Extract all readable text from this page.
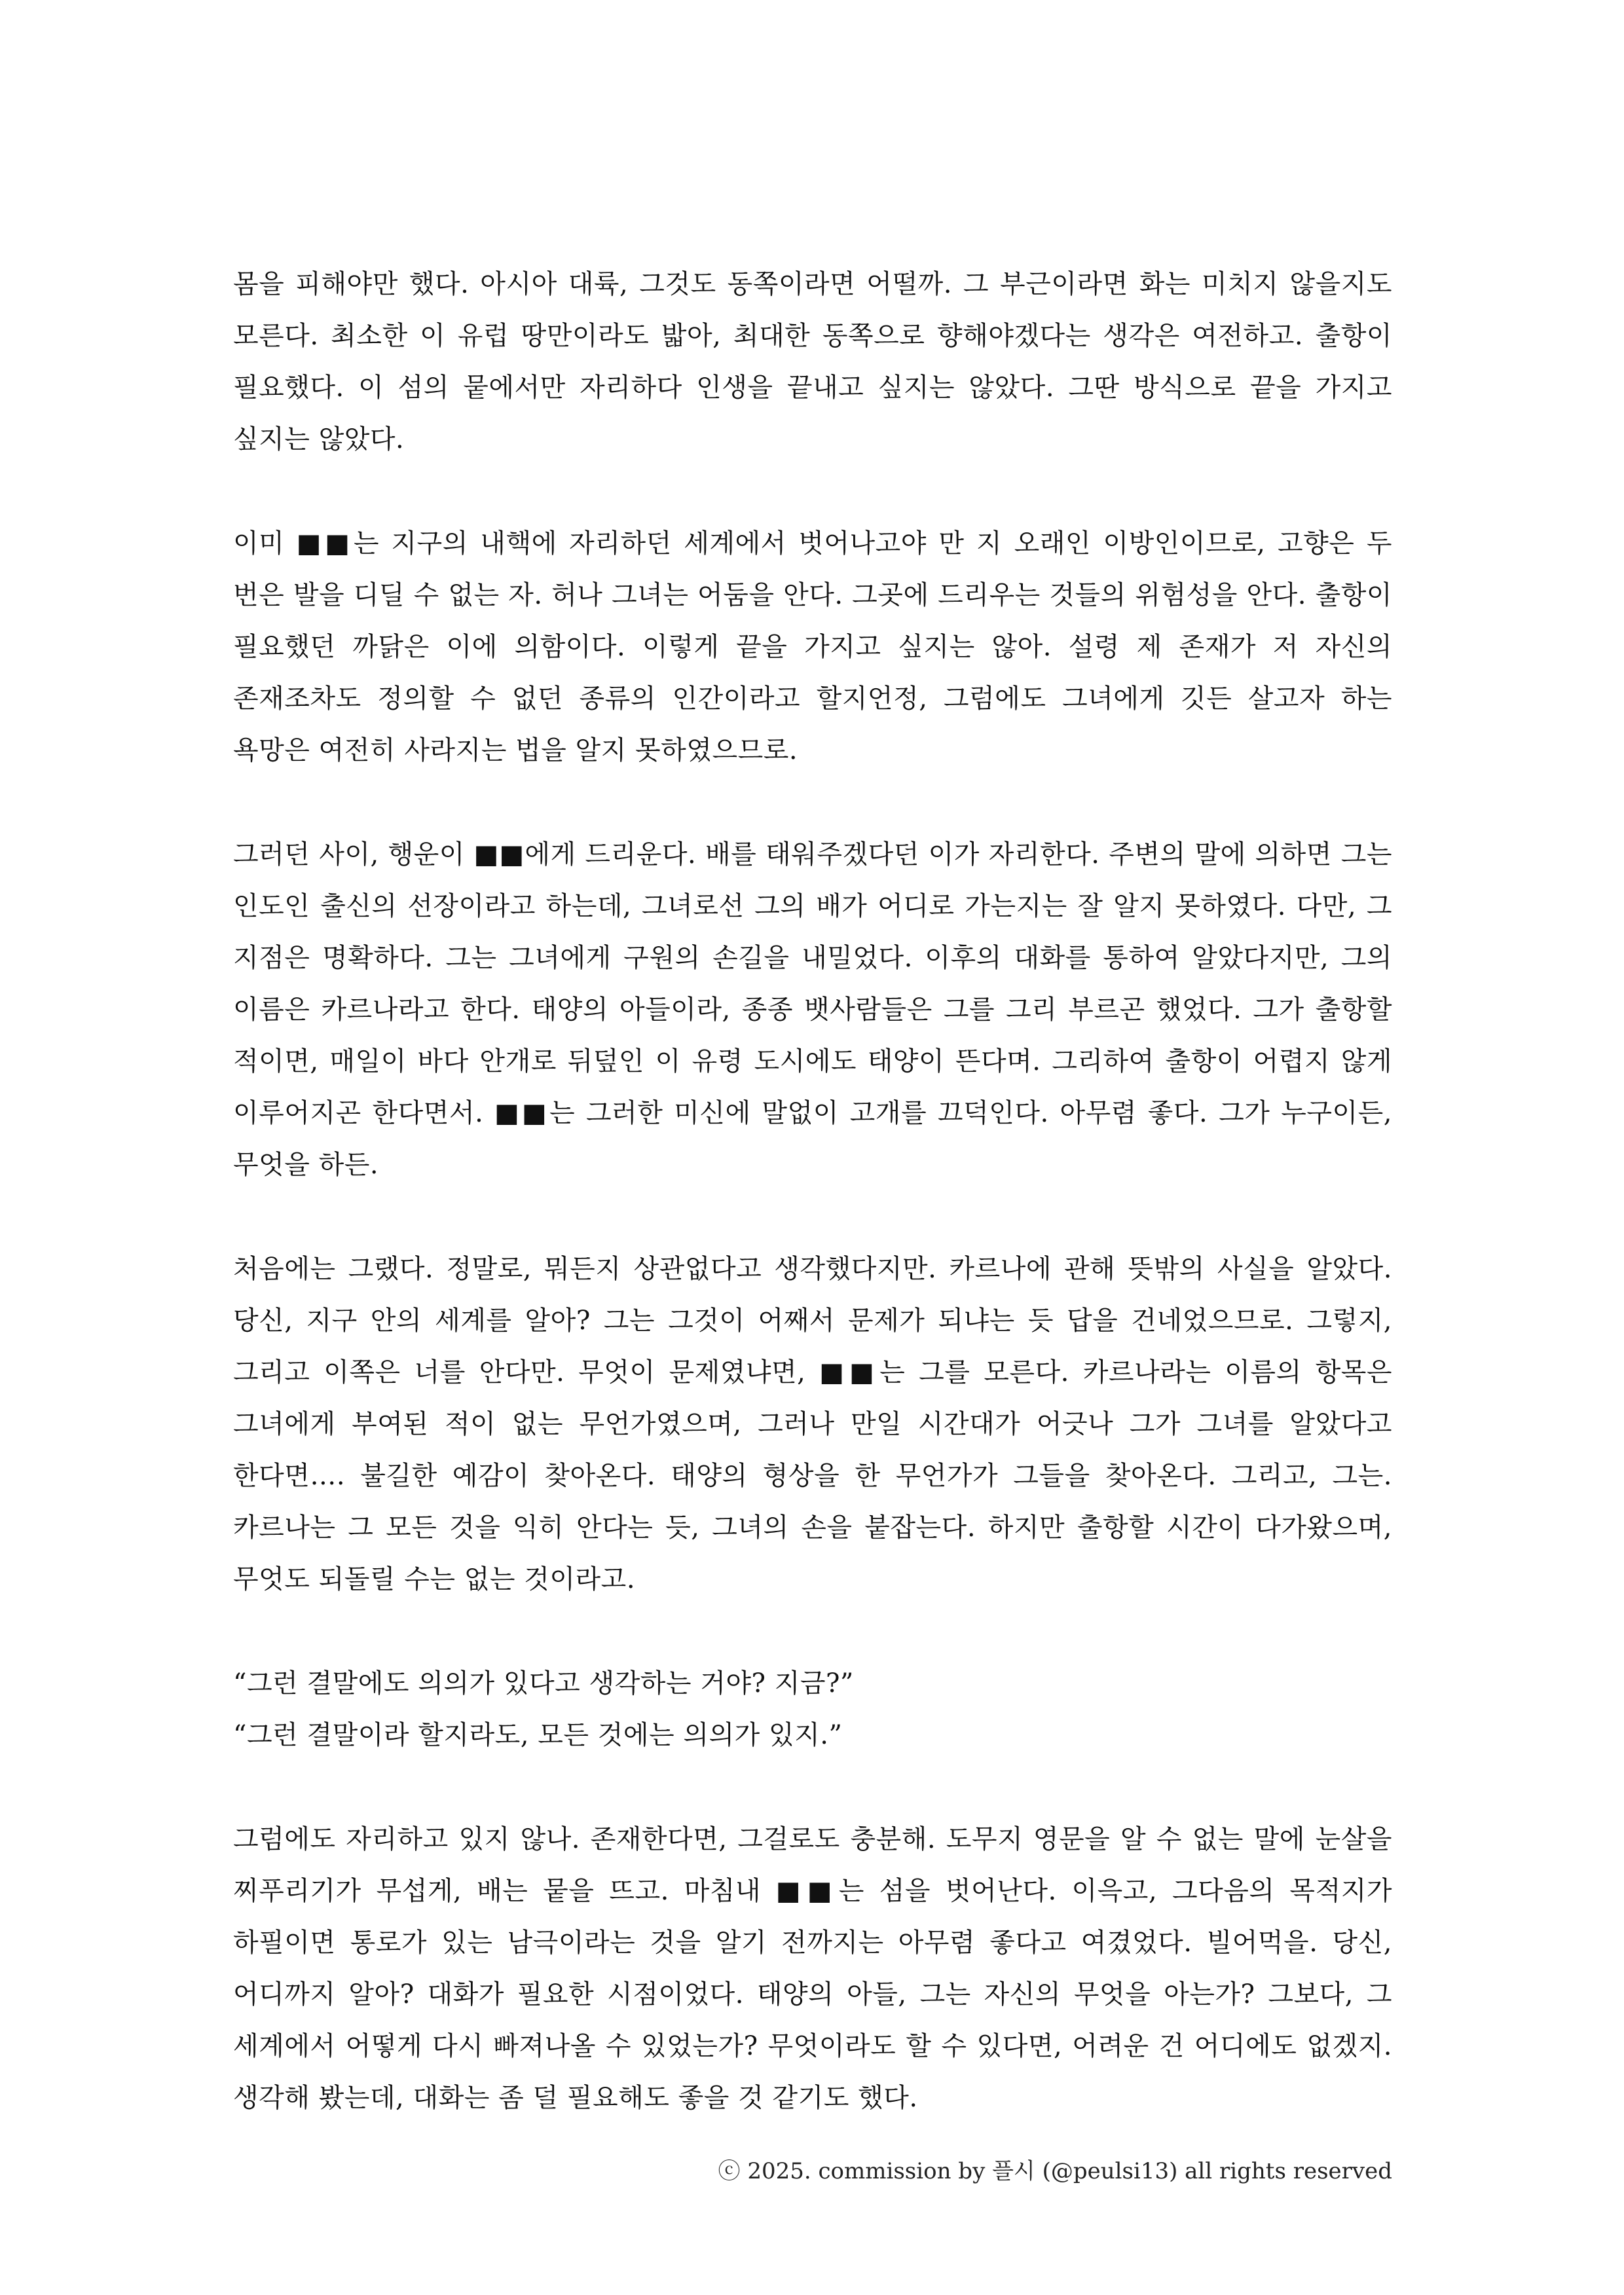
몸을 피해야만 했다. 아시아 대륙, 그것도 동쪽이라면 어떨까. 그 부근이라면 화는 미치지 않을지도 모른다. 최소한 이 유럽 땅만이라도 밟아, 최대한 동쪽으로 향해야겠다는 생각은 여전하고. 출항이 필요했다. 이 섬의 뭍에서만 자리하다 인생을 끝내고 싶지는 않았다. 그딴 방식으로 끝을 가지고 싶지는 않았다.

이미 ■■는 지구의 내핵에 자리하던 세계에서 벗어나고야 만 지 오래인 이방인이므로, 고향은 두 번은 발을 디딜 수 없는 자. 허나 그녀는 어둠을 안다. 그곳에 드리우는 것들의 위험성을 안다. 출항이 필요했던 까닭은 이에 의함이다. 이렇게 끝을 가지고 싶지는 않아. 설령 제 존재가 저 자신의 존재조차도 정의할 수 없던 종류의 인간이라고 할지언정, 그럼에도 그녀에게 깃든 살고자 하는 욕망은 여전히 사라지는 법을 알지 못하였으므로.

그러던 사이, 행운이 ■■에게 드리운다. 배를 태워주겠다던 이가 자리한다. 주변의 말에 의하면 그는 인도인 출신의 선장이라고 하는데, 그녀로선 그의 배가 어디로 가는지는 잘 알지 못하였다. 다만, 그 지점은 명확하다. 그는 그녀에게 구원의 손길을 내밀었다. 이후의 대화를 통하여 알았다지만, 그의 이름은 카르나라고 한다. 태양의 아들이라, 종종 뱃사람들은 그를 그리 부르곤 했었다. 그가 출항할 적이면, 매일이 바다 안개로 뒤덮인 이 유령 도시에도 태양이 뜬다며. 그리하여 출항이 어렵지 않게 이루어지곤 한다면서. ■■는 그러한 미신에 말없이 고개를 끄덕인다. 아무렴 좋다. 그가 누구이든, 무엇을 하든.

처음에는 그랬다. 정말로, 뭐든지 상관없다고 생각했다지만. 카르나에 관해 뜻밖의 사실을 알았다. 당신, 지구 안의 세계를 알아? 그는 그것이 어째서 문제가 되냐는 듯 답을 건네었으므로. 그렇지, 그리고 이쪽은 너를 안다만. 무엇이 문제였냐면, ■■는 그를 모른다. 카르나라는 이름의 항목은 그녀에게 부여된 적이 없는 무언가였으며, 그러나 만일 시간대가 어긋나 그가 그녀를 알았다고 한다면…. 불길한 예감이 찾아온다. 태양의 형상을 한 무언가가 그들을 찾아온다. 그리고, 그는. 카르나는 그 모든 것을 익히 안다는 듯, 그녀의 손을 붙잡는다. 하지만 출항할 시간이 다가왔으며, 무엇도 되돌릴 수는 없는 것이라고.

“그런 결말에도 의의가 있다고 생각하는 거야? 지금?”
“그런 결말이라 할지라도, 모든 것에는 의의가 있지.”

그럼에도 자리하고 있지 않나. 존재한다면, 그걸로도 충분해. 도무지 영문을 알 수 없는 말에 눈살을 찌푸리기가 무섭게, 배는 뭍을 뜨고. 마침내 ■■는 섬을 벗어난다. 이윽고, 그다음의 목적지가 하필이면 통로가 있는 남극이라는 것을 알기 전까지는 아무렴 좋다고 여겼었다. 빌어먹을. 당신, 어디까지 알아? 대화가 필요한 시점이었다. 태양의 아들, 그는 자신의 무엇을 아는가? 그보다, 그 세계에서 어떻게 다시 빠져나올 수 있었는가? 무엇이라도 할 수 있다면, 어려운 건 어디에도 없겠지. 생각해 봤는데, 대화는 좀 덜 필요해도 좋을 것 같기도 했다.

ⓒ 2025. commission by 플시 (@peulsi13) all rights reserved
